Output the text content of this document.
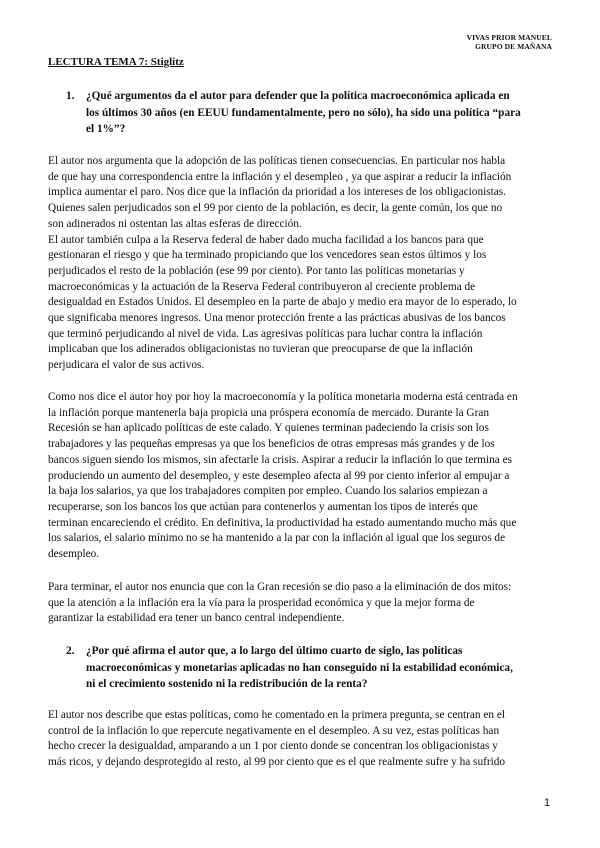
VIVAS PRIOR MANUEL
GRUPO DE MAÑANA
LECTURA TEMA 7: Stiglitz
1. ¿Qué argumentos da el autor para defender que la política macroeconómica aplicada en
los últimos 30 años (en EEUU fundamentalmente, pero no sólo), ha sido una política “para
el 1%”?
El autor nos argumenta que la adopción de las políticas tienen consecuencias. En particular nos habla
de que hay una correspondencia entre la inflación y el desempleo , ya que aspirar a reducir la inflación
implica aumentar el paro. Nos dice que la inflación da prioridad a los intereses de los obligacionistas.
Quienes salen perjudicados son el 99 por ciento de la población, es decir, la gente común, los que no
son adinerados ni ostentan las altas esferas de dirección.
El autor también culpa a la Reserva federal de haber dado mucha facilidad a los bancos para que
gestionaran el riesgo y que ha terminado propiciando que los vencedores sean estos últimos y los
perjudicados el resto de la población (ese 99 por ciento). Por tanto las políticas monetarias y
macroeconómicas y la actuación de la Reserva Federal contribuyeron al creciente problema de
desigualdad en Estados Unidos. El desempleo en la parte de abajo y medio era mayor de lo esperado, lo
que significaba menores ingresos. Una menor protección frente a las prácticas abusivas de los bancos
que terminó perjudicando al nivel de vida. Las agresivas políticas para luchar contra la inflación
implicaban que los adinerados obligacionistas no tuvieran que preocuparse de que la inflación
perjudicara el valor de sus activos.
Como nos dice el autor hoy por hoy la macroeconomía y la política monetaria moderna está centrada en
la inflación porque mantenerla baja propicia una próspera economía de mercado. Durante la Gran
Recesión se han aplicado políticas de este calado. Y quienes terminan padeciendo la crisis son los
trabajadores y las pequeñas empresas ya que los beneficios de otras empresas más grandes y de los
bancos siguen siendo los mismos, sin afectarle la crisis. Aspirar a reducir la inflación lo que termina es
produciendo un aumento del desempleo, y este desempleo afecta al 99 por ciento inferior al empujar a
la baja los salarios, ya que los trabajadores compiten por empleo. Cuando los salarios empiezan a
recuperarse, son los bancos los que actúan para contenerlos y aumentan los tipos de interés que
terminan encareciendo el crédito. En definitiva, la productividad ha estado aumentando mucho más que
los salarios, el salario mínimo no se ha mantenido a la par con la inflación al igual que los seguros de
desempleo.
Para terminar, el autor nos enuncia que con la Gran recesión se dio paso a la eliminación de dos mitos:
que la atención a la inflación era la vía para la prosperidad económica y que la mejor forma de
garantizar la estabilidad era tener un banco central independiente.
2. ¿Por qué afirma el autor que, a lo largo del último cuarto de siglo, las políticas
macroeconómicas y monetarias aplicadas no han conseguido ni la estabilidad económica,
ni el crecimiento sostenido ni la redistribución de la renta?
El autor nos describe que estas políticas, como he comentado en la primera pregunta, se centran en el
control de la inflación lo que repercute negativamente en el desempleo. A su vez, estas políticas han
hecho crecer la desigualdad, amparando a un 1 por ciento donde se concentran los obligacionistas y
más ricos, y dejando desprotegido al resto, al 99 por ciento que es el que realmente sufre y ha sufrido
1
